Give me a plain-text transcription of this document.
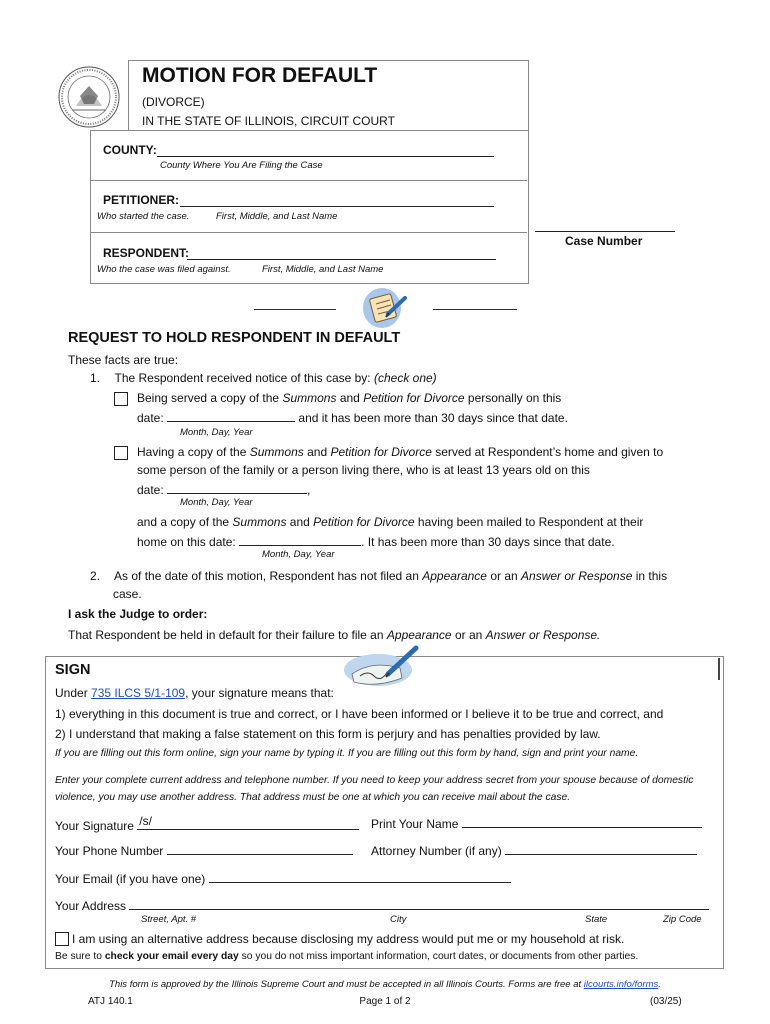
MOTION FOR DEFAULT
(DIVORCE)
IN THE STATE OF ILLINOIS, CIRCUIT COURT
COUNTY:
County Where You Are Filing the Case
PETITIONER:
Who started the case.	First, Middle, and Last Name
RESPONDENT:
Who the case was filed against.	First, Middle, and Last Name
Case Number
REQUEST TO HOLD RESPONDENT IN DEFAULT
These facts are true:
1. The Respondent received notice of this case by: (check one)
Being served a copy of the Summons and Petition for Divorce personally on this
date:	and it has been more than 30 days since that date.
Month, Day, Year
Having a copy of the Summons and Petition for Divorce served at Respondent’s home and given to
some person of the family or a person living there, who is at least 13 years old on this
date:	,
Month, Day, Year
and a copy of the Summons and Petition for Divorce having been mailed to Respondent at their
home on this date:	. It has been more than 30 days since that date.
Month, Day, Year
2. As of the date of this motion, Respondent has not filed an Appearance or an Answer or Response in this
case.
I ask the Judge to order:
That Respondent be held in default for their failure to file an Appearance or an Answer or Response.
SIGN
Under 735 ILCS 5/1-109, your signature means that:
1) everything in this document is true and correct, or I have been informed or I believe it to be true and correct, and
2) I understand that making a false statement on this form is perjury and has penalties provided by law.
If you are filling out this form online, sign your name by typing it. If you are filling out this form by hand, sign and print your name.
Enter your complete current address and telephone number. If you need to keep your address secret from your spouse because of domestic violence, you may use another address. That address must be one at which you can receive mail about the case.
Your Signature /s/	Print Your Name
Your Phone Number	Attorney Number (if any)
Your Email (if you have one)
Your Address
Street, Apt. #	City	State	Zip Code
I am using an alternative address because disclosing my address would put me or my household at risk.
Be sure to check your email every day so you do not miss important information, court dates, or documents from other parties.
This form is approved by the Illinois Supreme Court and must be accepted in all Illinois Courts. Forms are free at ilcourts.info/forms.
ATJ 140.1	Page 1 of 2	(03/25)
